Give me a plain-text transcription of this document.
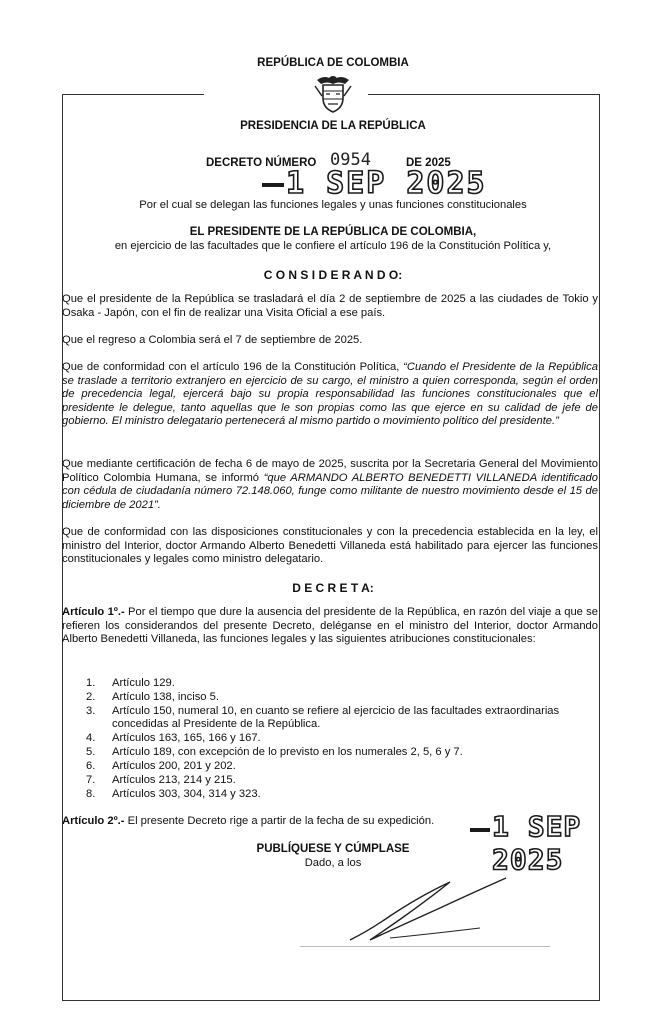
REPÚBLICA DE COLOMBIA
PRESIDENCIA DE LA REPÚBLICA
DECRETO NÚMERO 0954	DE 2025
1 SEP 2025
Por el cual se delegan las funciones legales y unas funciones constitucionales
EL PRESIDENTE DE LA REPÚBLICA DE COLOMBIA,
en ejercicio de las facultades que le confiere el artículo 196 de la Constitución Política y,
C O N S I D E R A N D O:
Que el presidente de la República se trasladará el día 2 de septiembre de 2025 a las ciudades de Tokio y Osaka - Japón, con el fin de realizar una Visita Oficial a ese país.
Que el regreso a Colombia será el 7 de septiembre de 2025.
Que de conformidad con el artículo 196 de la Constitución Política, “Cuando el Presidente de la República se traslade a territorio extranjero en ejercicio de su cargo, el ministro a quien corresponda, según el orden de precedencia legal, ejercerá bajo su propia responsabilidad las funciones constitucionales que el presidente le delegue, tanto aquellas que le son propias como las que ejerce en su calidad de jefe de gobierno. El ministro delegatario pertenecerá al mismo partido o movimiento político del presidente.”
Que mediante certificación de fecha 6 de mayo de 2025, suscrita por la Secretaria General del Movimiento Político Colombia Humana, se informó “que ARMANDO ALBERTO BENEDETTI VILLANEDA identificado con cédula de ciudadanía número 72.148.060, funge como militante de nuestro movimiento desde el 15 de diciembre de 2021”.
Que de conformidad con las disposiciones constitucionales y con la precedencia establecida en la ley, el ministro del Interior, doctor Armando Alberto Benedetti Villaneda está habilitado para ejercer las funciones constitucionales y legales como ministro delegatario.
D E C R E T A:
Artículo 1º.- Por el tiempo que dure la ausencia del presidente de la República, en razón del viaje a que se refieren los considerandos del presente Decreto, deléganse en el ministro del Interior, doctor Armando Alberto Benedetti Villaneda, las funciones legales y las siguientes atribuciones constitucionales:
1. Artículo 129.
2. Artículo 138, inciso 5.
3. Artículo 150, numeral 10, en cuanto se refiere al ejercicio de las facultades extraordinarias concedidas al Presidente de la República.
4. Artículos 163, 165, 166 y 167.
5. Artículo 189, con excepción de lo previsto en los numerales 2, 5, 6 y 7.
6. Artículos 200, 201 y 202.
7. Artículos 213, 214 y 215.
8. Artículos 303, 304, 314 y 323.
Artículo 2º.- El presente Decreto rige a partir de la fecha de su expedición. 1 SEP 2025
PUBLÍQUESE Y CÚMPLASE
Dado, a los
